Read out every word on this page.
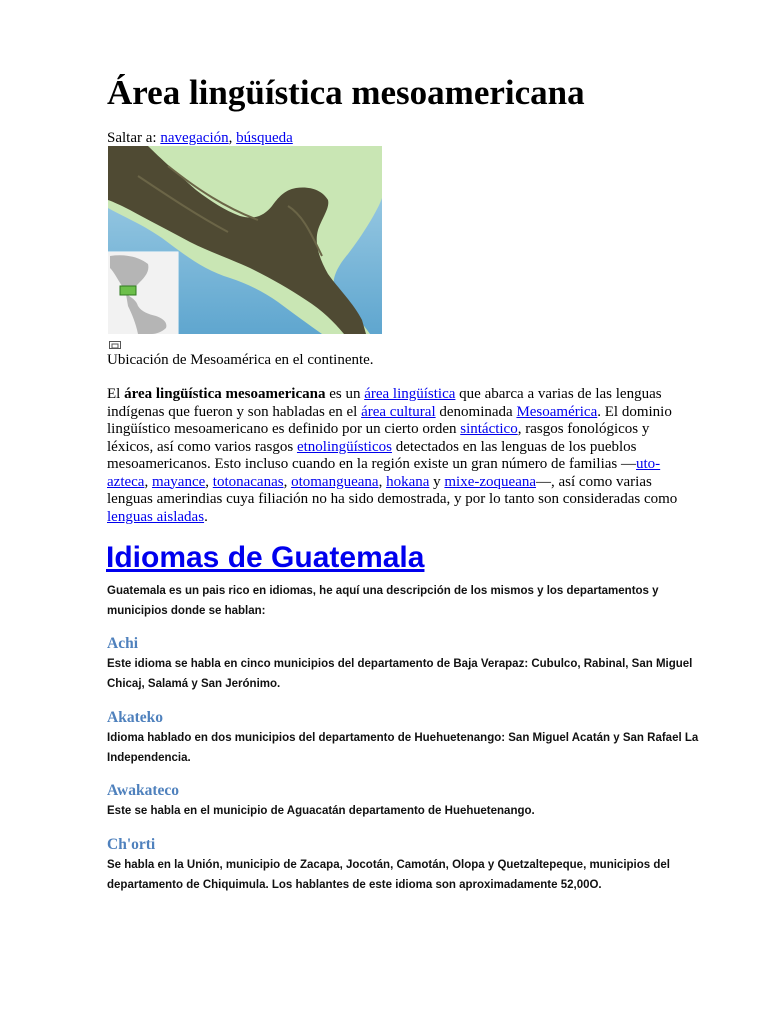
Área lingüística mesoamericana
Saltar a: navegación, búsqueda
Ubicación de Mesoamérica en el continente.

El área lingüística mesoamericana es un área lingüística que abarca a varias de las lenguas indígenas que fueron y son habladas en el área cultural denominada Mesoamérica. El dominio lingüístico mesoamericano es definido por un cierto orden sintáctico, rasgos fonológicos y léxicos, así como varios rasgos etnolingüísticos detectados en las lenguas de los pueblos mesoamericanos. Esto incluso cuando en la región existe un gran número de familias —uto-azteca, mayance, totonacanas, otomangueana, hokana y mixe-zoqueana—, así como varias lenguas amerindias cuya filiación no ha sido demostrada, y por lo tanto son consideradas como lenguas aisladas.

Idiomas de Guatemala
Guatemala es un pais rico en idiomas, he aquí una descripción de los mismos y los departamentos y municipios donde se hablan:
Achi
Este idioma se habla en cinco municipios del departamento de Baja Verapaz: Cubulco, Rabinal, San Miguel Chicaj, Salamá y San Jerónimo.
Akateko
Idioma hablado en dos municipios del departamento de Huehuetenango: San Miguel Acatán y San Rafael La Independencia.
Awakateco
Este se habla en el municipio de Aguacatán departamento de Huehuetenango.
Ch'orti
Se habla en la Unión, municipio de Zacapa, Jocotán, Camotán, Olopa y Quetzaltepeque, municipios del departamento de Chiquimula. Los hablantes de este idioma son aproximadamente 52,00O.
